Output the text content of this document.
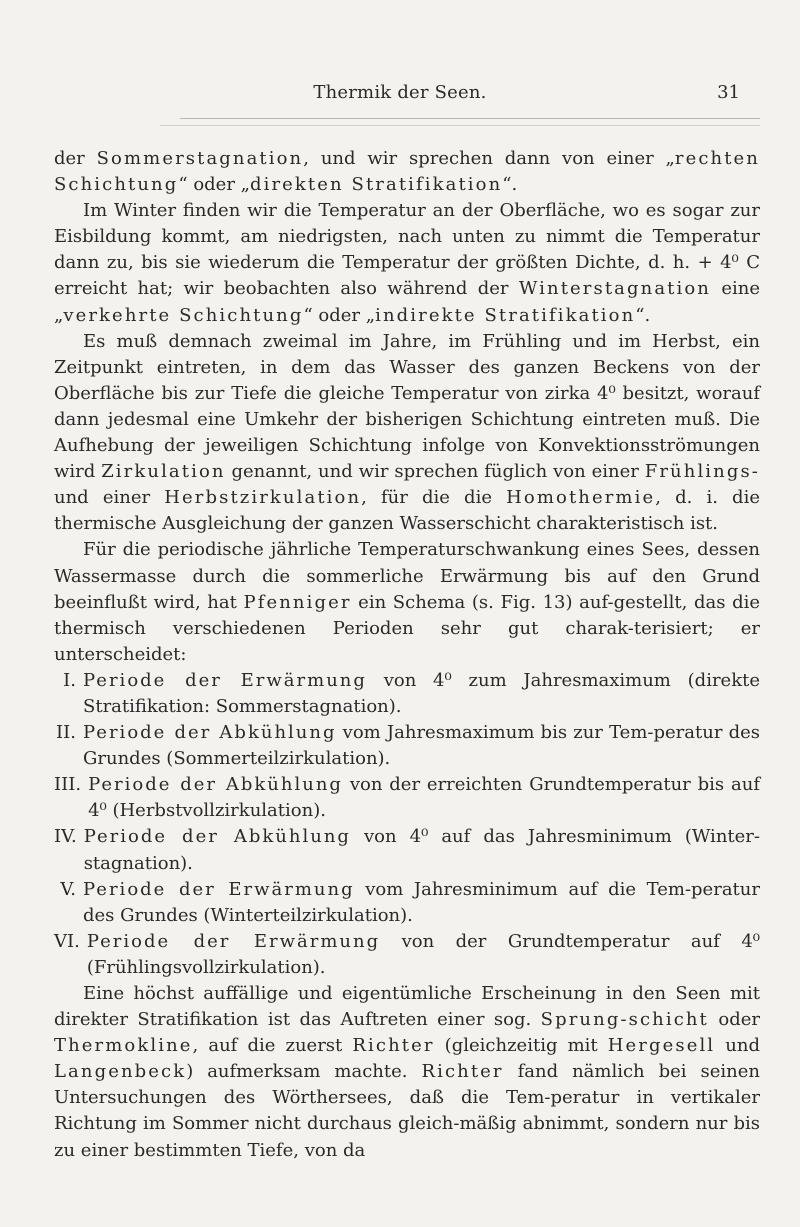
Thermik der Seen.	31

der Sommerstagnation, und wir sprechen dann von einer „rechten Schichtung“ oder „direkten Stratifikation“.

Im Winter finden wir die Temperatur an der Oberfläche, wo es sogar zur Eisbildung kommt, am niedrigsten, nach unten zu nimmt die Temperatur dann zu, bis sie wiederum die Temperatur der größten Dichte, d. h. + 4⁰ C erreicht hat; wir beobachten also während der Winterstagnation eine „verkehrte Schichtung“ oder „indirekte Stratifikation“.

Es muß demnach zweimal im Jahre, im Frühling und im Herbst, ein Zeitpunkt eintreten, in dem das Wasser des ganzen Beckens von der Oberfläche bis zur Tiefe die gleiche Temperatur von zirka 4⁰ besitzt, worauf dann jedesmal eine Umkehr der bisherigen Schichtung eintreten muß. Die Aufhebung der jeweiligen Schichtung infolge von Konvektionsströmungen wird Zirkulation genannt, und wir sprechen füglich von einer Frühlings- und einer Herbstzirkulation, für die die Homothermie, d. i. die thermische Ausgleichung der ganzen Wasserschicht charakteristisch ist.

Für die periodische jährliche Temperaturschwankung eines Sees, dessen Wassermasse durch die sommerliche Erwärmung bis auf den Grund beeinflußt wird, hat Pfenniger ein Schema (s. Fig. 13) auf-gestellt, das die thermisch verschiedenen Perioden sehr gut charak-terisiert; er unterscheidet:

I. Periode der Erwärmung von 4⁰ zum Jahresmaximum (direkte Stratifikation: Sommerstagnation).
II. Periode der Abkühlung vom Jahresmaximum bis zur Tem-peratur des Grundes (Sommerteilzirkulation).
III. Periode der Abkühlung von der erreichten Grundtemperatur bis auf 4⁰ (Herbstvollzirkulation).
IV. Periode der Abkühlung von 4⁰ auf das Jahresminimum (Winter-stagnation).
V. Periode der Erwärmung vom Jahresminimum auf die Tem-peratur des Grundes (Winterteilzirkulation).
VI. Periode der Erwärmung von der Grundtemperatur auf 4⁰ (Frühlingsvollzirkulation).

Eine höchst auffällige und eigentümliche Erscheinung in den Seen mit direkter Stratifikation ist das Auftreten einer sog. Sprung-schicht oder Thermokline, auf die zuerst Richter (gleichzeitig mit Hergesell und Langenbeck) aufmerksam machte. Richter fand nämlich bei seinen Untersuchungen des Wörthersees, daß die Tem-peratur in vertikaler Richtung im Sommer nicht durchaus gleich-mäßig abnimmt, sondern nur bis zu einer bestimmten Tiefe, von da
